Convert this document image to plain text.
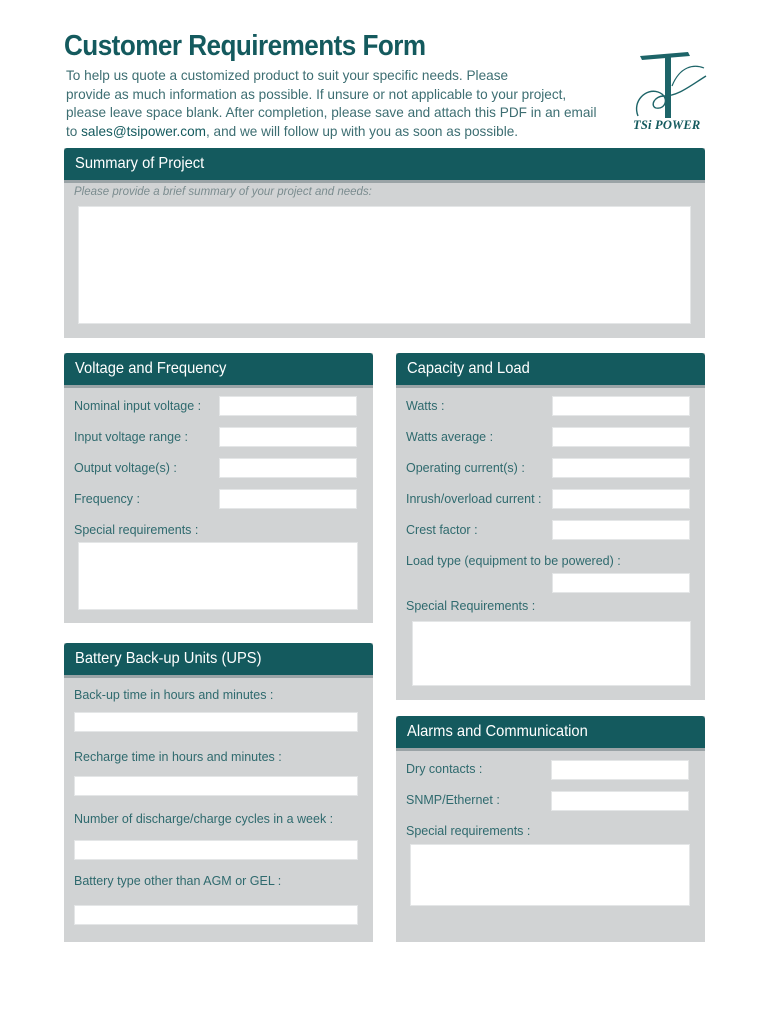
Customer Requirements Form
To help us quote a customized product to suit your specific needs. Please
provide as much information as possible. If unsure or not applicable to your project,
please leave space blank. After completion, please save and attach this PDF in an email
to sales@tsipower.com, and we will follow up with you as soon as possible.	TSi POWER
Summary of Project
Please provide a brief summary of your project and needs:
Voltage and Frequency
Nominal input voltage :
Input voltage range :
Output voltage(s) :
Frequency :
Special requirements :
Capacity and Load
Watts :
Watts average :
Operating current(s) :
Inrush/overload current :
Crest factor :
Load type (equipment to be powered) :
Special Requirements :
Battery Back-up Units (UPS)
Back-up time in hours and minutes :
Recharge time in hours and minutes :
Number of discharge/charge cycles in a week :
Battery type other than AGM or GEL :
Alarms and Communication
Dry contacts :
SNMP/Ethernet :
Special requirements :
